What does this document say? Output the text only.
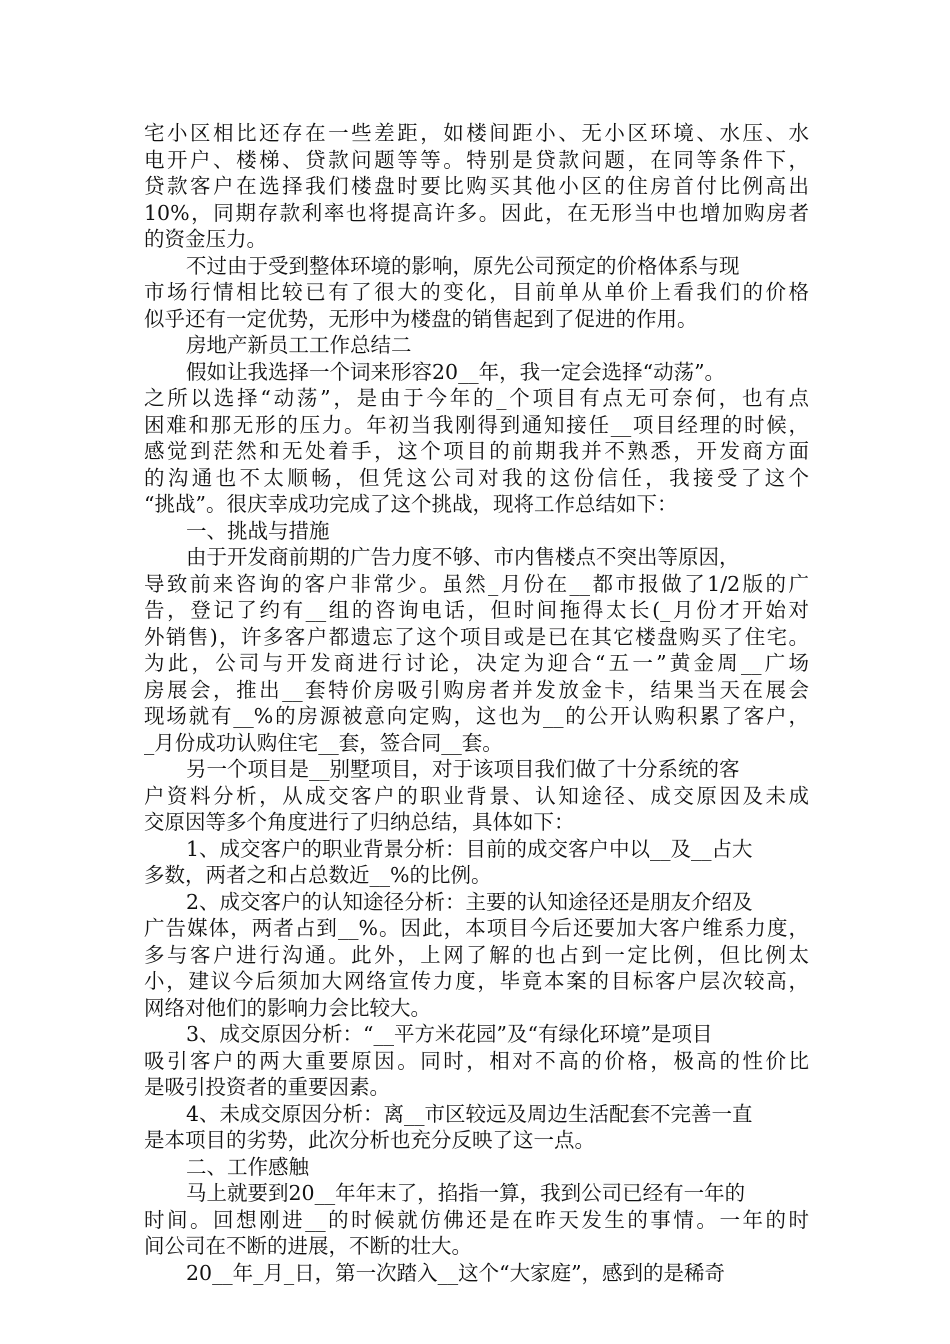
宅小区相比还存在一些差距，如楼间距小、无小区环境、水压、水
电开户、楼梯、贷款问题等等。特别是贷款问题，在同等条件下，
贷款客户在选择我们楼盘时要比购买其他小区的住房首付比例高出
10%，同期存款利率也将提高许多。因此，在无形当中也增加购房者
的资金压力。
不过由于受到整体环境的影响，原先公司预定的价格体系与现
市场行情相比较已有了很大的变化，目前单从单价上看我们的价格
似乎还有一定优势，无形中为楼盘的销售起到了促进的作用。
房地产新员工工作总结二
假如让我选择一个词来形容20__年，我一定会选择“动荡”。
之所以选择“动荡”，是由于今年的_个项目有点无可奈何，也有点
困难和那无形的压力。年初当我刚得到通知接任__项目经理的时候，
感觉到茫然和无处着手，这个项目的前期我并不熟悉，开发商方面
的沟通也不太顺畅，但凭这公司对我的这份信任，我接受了这个
“挑战”。很庆幸成功完成了这个挑战，现将工作总结如下：
一、挑战与措施
由于开发商前期的广告力度不够、市内售楼点不突出等原因，
导致前来咨询的客户非常少。虽然_月份在__都市报做了1/2版的广
告，登记了约有__组的咨询电话，但时间拖得太长(_月份才开始对
外销售)，许多客户都遗忘了这个项目或是已在其它楼盘购买了住宅。
为此，公司与开发商进行讨论，决定为迎合“五一”黄金周__广场
房展会，推出__套特价房吸引购房者并发放金卡，结果当天在展会
现场就有__%的房源被意向定购，这也为__的公开认购积累了客户，
_月份成功认购住宅__套，签合同__套。
另一个项目是__别墅项目，对于该项目我们做了十分系统的客
户资料分析，从成交客户的职业背景、认知途径、成交原因及未成
交原因等多个角度进行了归纳总结，具体如下：
1、成交客户的职业背景分析：目前的成交客户中以__及__占大
多数，两者之和占总数近__%的比例。
2、成交客户的认知途径分析：主要的认知途径还是朋友介绍及
广告媒体，两者占到__%。因此，本项目今后还要加大客户维系力度，
多与客户进行沟通。此外，上网了解的也占到一定比例，但比例太
小，建议今后须加大网络宣传力度，毕竟本案的目标客户层次较高，
网络对他们的影响力会比较大。
3、成交原因分析：“__平方米花园”及“有绿化环境”是项目
吸引客户的两大重要原因。同时，相对不高的价格，极高的性价比
是吸引投资者的重要因素。
4、未成交原因分析：离__市区较远及周边生活配套不完善一直
是本项目的劣势，此次分析也充分反映了这一点。
二、工作感触
马上就要到20__年年末了，掐指一算，我到公司已经有一年的
时间。回想刚进__的时候就仿佛还是在昨天发生的事情。一年的时
间公司在不断的进展，不断的壮大。
20__年_月_日，第一次踏入__这个“大家庭”，感到的是稀奇
